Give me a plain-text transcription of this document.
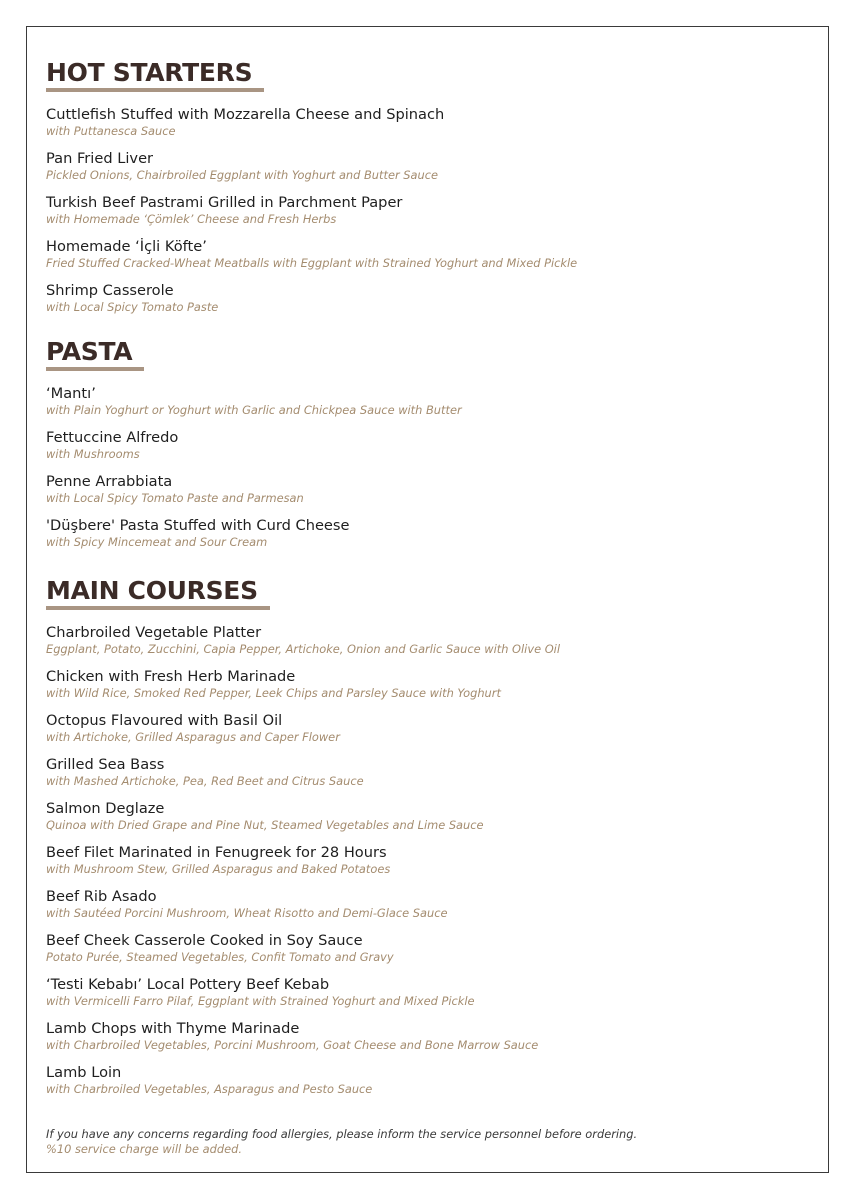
HOT STARTERS
Cuttlefish Stuffed with Mozzarella Cheese and Spinach
with Puttanesca Sauce
Pan Fried Liver
Pickled Onions, Chairbroiled Eggplant with Yoghurt and Butter Sauce
Turkish Beef Pastrami Grilled in Parchment Paper
with Homemade ‘Çömlek’ Cheese and Fresh Herbs
Homemade ‘İçli Köfte’
Fried Stuffed Cracked-Wheat Meatballs with Eggplant with Strained Yoghurt and Mixed Pickle
Shrimp Casserole
with Local Spicy Tomato Paste
PASTA
‘Mantı’
with Plain Yoghurt or Yoghurt with Garlic and Chickpea Sauce with Butter
Fettuccine Alfredo
with Mushrooms
Penne Arrabbiata
with Local Spicy Tomato Paste and Parmesan
'Düşbere' Pasta Stuffed with Curd Cheese
with Spicy Mincemeat and Sour Cream
MAIN COURSES
Charbroiled Vegetable Platter
Eggplant, Potato, Zucchini, Capia Pepper, Artichoke, Onion and Garlic Sauce with Olive Oil
Chicken with Fresh Herb Marinade
with Wild Rice, Smoked Red Pepper, Leek Chips and Parsley Sauce with Yoghurt
Octopus Flavoured with Basil Oil
with Artichoke, Grilled Asparagus and Caper Flower
Grilled Sea Bass
with Mashed Artichoke, Pea, Red Beet and Citrus Sauce
Salmon Deglaze
Quinoa with Dried Grape and Pine Nut, Steamed Vegetables and Lime Sauce
Beef Filet Marinated in Fenugreek for 28 Hours
with Mushroom Stew, Grilled Asparagus and Baked Potatoes
Beef Rib Asado
with Sautéed Porcini Mushroom, Wheat Risotto and Demi-Glace Sauce
Beef Cheek Casserole Cooked in Soy Sauce
Potato Purée, Steamed Vegetables, Confit Tomato and Gravy
‘Testi Kebabı’ Local Pottery Beef Kebab
with Vermicelli Farro Pilaf, Eggplant with Strained Yoghurt and Mixed Pickle
Lamb Chops with Thyme Marinade
with Charbroiled Vegetables, Porcini Mushroom, Goat Cheese and Bone Marrow Sauce
Lamb Loin
with Charbroiled Vegetables, Asparagus and Pesto Sauce
If you have any concerns regarding food allergies, please inform the service personnel before ordering.
%10 service charge will be added.
